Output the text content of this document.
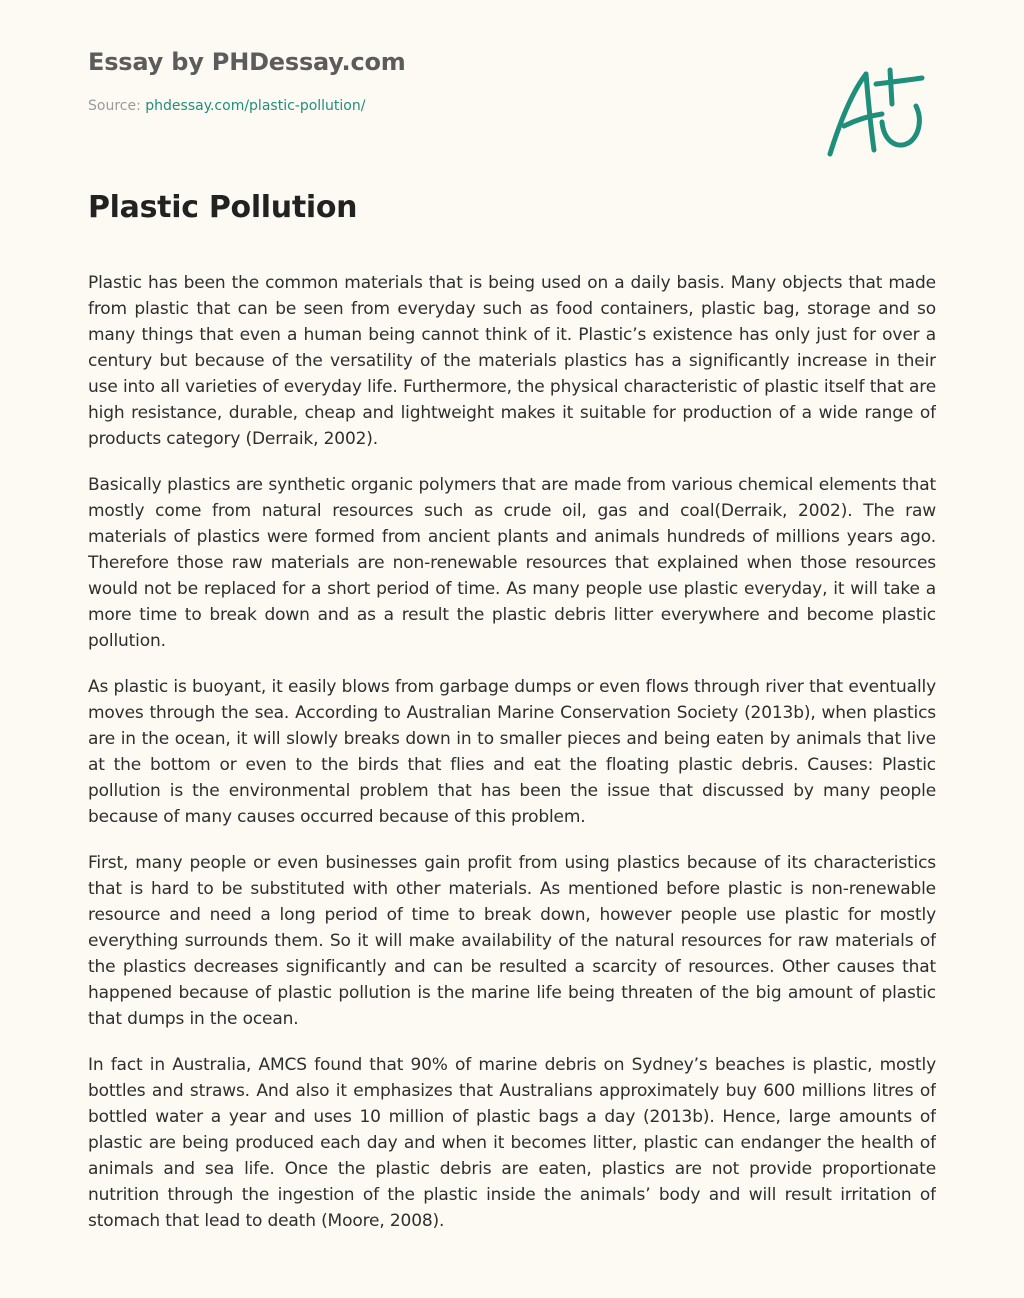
Essay by PHDessay.com
Source: phdessay.com/plastic-pollution/
Plastic Pollution

Plastic has been the common materials that is being used on a daily basis. Many objects that made from plastic that can be seen from everyday such as food containers, plastic bag, storage and so many things that even a human being cannot think of it. Plastic’s existence has only just for over a century but because of the versatility of the materials plastics has a significantly increase in their use into all varieties of everyday life. Furthermore, the physical characteristic of plastic itself that are high resistance, durable, cheap and lightweight makes it suitable for production of a wide range of products category (Derraik, 2002).

Basically plastics are synthetic organic polymers that are made from various chemical elements that mostly come from natural resources such as crude oil, gas and coal(Derraik, 2002). The raw materials of plastics were formed from ancient plants and animals hundreds of millions years ago. Therefore those raw materials are non-renewable resources that explained when those resources would not be replaced for a short period of time. As many people use plastic everyday, it will take a more time to break down and as a result the plastic debris litter everywhere and become plastic pollution.

As plastic is buoyant, it easily blows from garbage dumps or even flows through river that eventually moves through the sea. According to Australian Marine Conservation Society (2013b), when plastics are in the ocean, it will slowly breaks down in to smaller pieces and being eaten by animals that live at the bottom or even to the birds that flies and eat the floating plastic debris. Causes: Plastic pollution is the environmental problem that has been the issue that discussed by many people because of many causes occurred because of this problem.

First, many people or even businesses gain profit from using plastics because of its characteristics that is hard to be substituted with other materials. As mentioned before plastic is non-renewable resource and need a long period of time to break down, however people use plastic for mostly everything surrounds them. So it will make availability of the natural resources for raw materials of the plastics decreases significantly and can be resulted a scarcity of resources. Other causes that happened because of plastic pollution is the marine life being threaten of the big amount of plastic that dumps in the ocean.

In fact in Australia, AMCS found that 90% of marine debris on Sydney’s beaches is plastic, mostly bottles and straws. And also it emphasizes that Australians approximately buy 600 millions litres of bottled water a year and uses 10 million of plastic bags a day (2013b). Hence, large amounts of plastic are being produced each day and when it becomes litter, plastic can endanger the health of animals and sea life. Once the plastic debris are eaten, plastics are not provide proportionate nutrition through the ingestion of the plastic inside the animals’ body and will result irritation of stomach that lead to death (Moore, 2008).
